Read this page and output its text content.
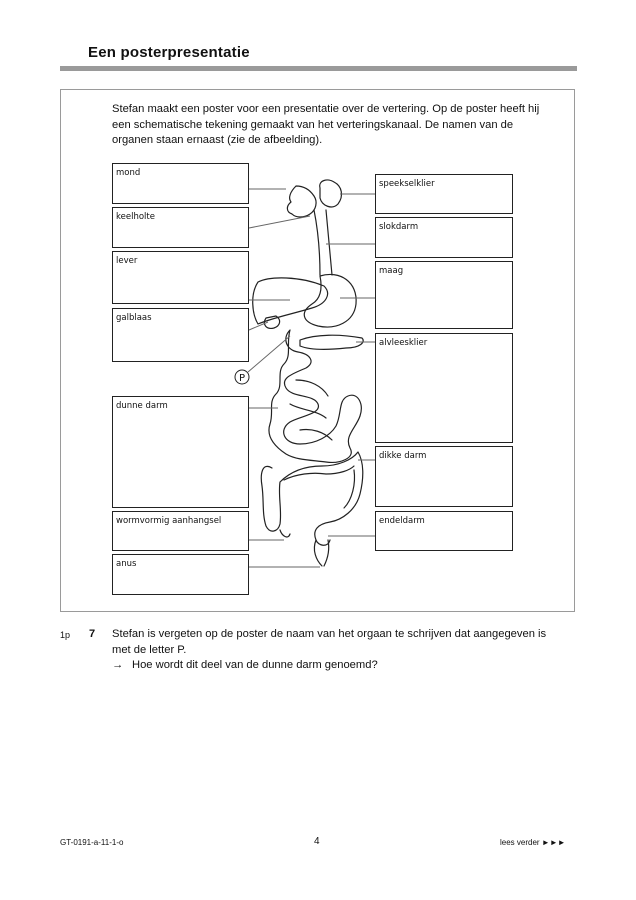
Een posterpresentatie

Stefan maakt een poster voor een presentatie over de vertering. Op de poster heeft hij een schematische tekening gemaakt van het verteringskanaal. De namen van de organen staan ernaast (zie de afbeelding).

mond
keelholte
lever
galblaas
dunne darm
wormvormig aanhangsel
anus
speekselklier
slokdarm
maag
alvleesklier
dikke darm
endeldarm
P
1p 7 Stefan is vergeten op de poster de naam van het orgaan te schrijven dat aangegeven is met de letter P.

→ Hoe wordt dit deel van de dunne darm genoemd?
GT-0191-a-11-1-o	4	lees verder ►►►
